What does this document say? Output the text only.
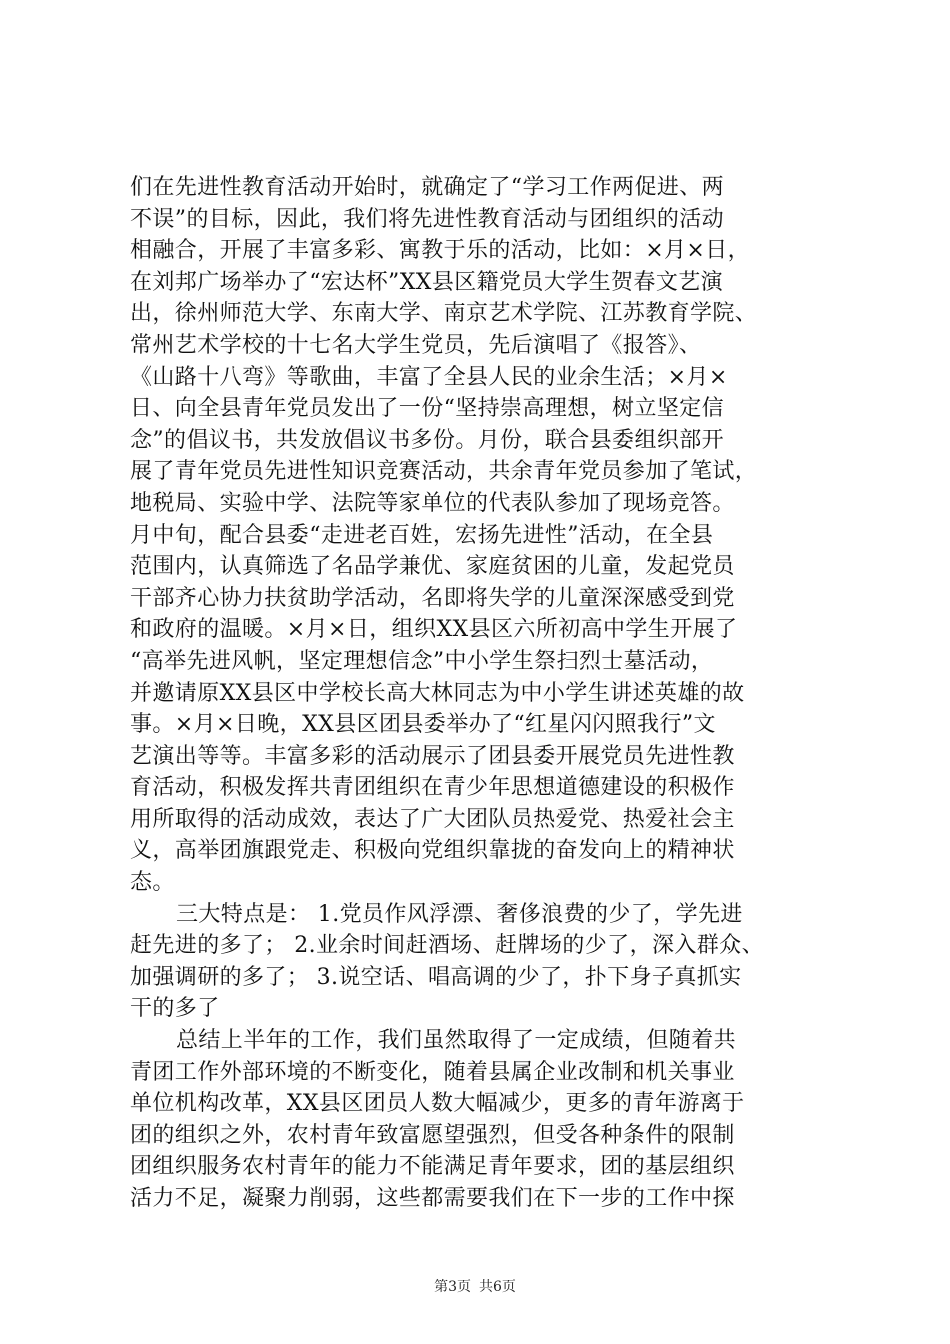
们在先进性教育活动开始时，就确定了“学习工作两促进、两
不误”的目标，因此，我们将先进性教育活动与团组织的活动
相融合，开展了丰富多彩、寓教于乐的活动，比如：×月×日，
在刘邦广场举办了“宏达杯”XX县区籍党员大学生贺春文艺演
出，徐州师范大学、东南大学、南京艺术学院、江苏教育学院、
常州艺术学校的十七名大学生党员，先后演唱了《报答》、
《山路十八弯》等歌曲，丰富了全县人民的业余生活；×月×
日、向全县青年党员发出了一份“坚持崇高理想，树立坚定信
念”的倡议书，共发放倡议书多份。月份，联合县委组织部开
展了青年党员先进性知识竞赛活动，共余青年党员参加了笔试，
地税局、实验中学、法院等家单位的代表队参加了现场竞答。
月中旬，配合县委“走进老百姓，宏扬先进性”活动，在全县
范围内，认真筛选了名品学兼优、家庭贫困的儿童，发起党员
干部齐心协力扶贫助学活动，名即将失学的儿童深深感受到党
和政府的温暖。×月×日，组织XX县区六所初高中学生开展了
“高举先进风帆，坚定理想信念”中小学生祭扫烈士墓活动，
并邀请原XX县区中学校长高大林同志为中小学生讲述英雄的故
事。×月×日晚，XX县区团县委举办了“红星闪闪照我行”文
艺演出等等。丰富多彩的活动展示了团县委开展党员先进性教
育活动，积极发挥共青团组织在青少年思想道德建设的积极作
用所取得的活动成效，表达了广大团队员热爱党、热爱社会主
义，高举团旗跟党走、积极向党组织靠拢的奋发向上的精神状
态。
三大特点是： 1.党员作风浮漂、奢侈浪费的少了，学先进
赶先进的多了； 2.业余时间赶酒场、赶牌场的少了，深入群众、
加强调研的多了； 3.说空话、唱高调的少了，扑下身子真抓实
干的多了
总结上半年的工作，我们虽然取得了一定成绩，但随着共
青团工作外部环境的不断变化，随着县属企业改制和机关事业
单位机构改革，XX县区团员人数大幅减少，更多的青年游离于
团的组织之外，农村青年致富愿望强烈，但受各种条件的限制
团组织服务农村青年的能力不能满足青年要求，团的基层组织
活力不足，凝聚力削弱，这些都需要我们在下一步的工作中探
第3页 共6页
